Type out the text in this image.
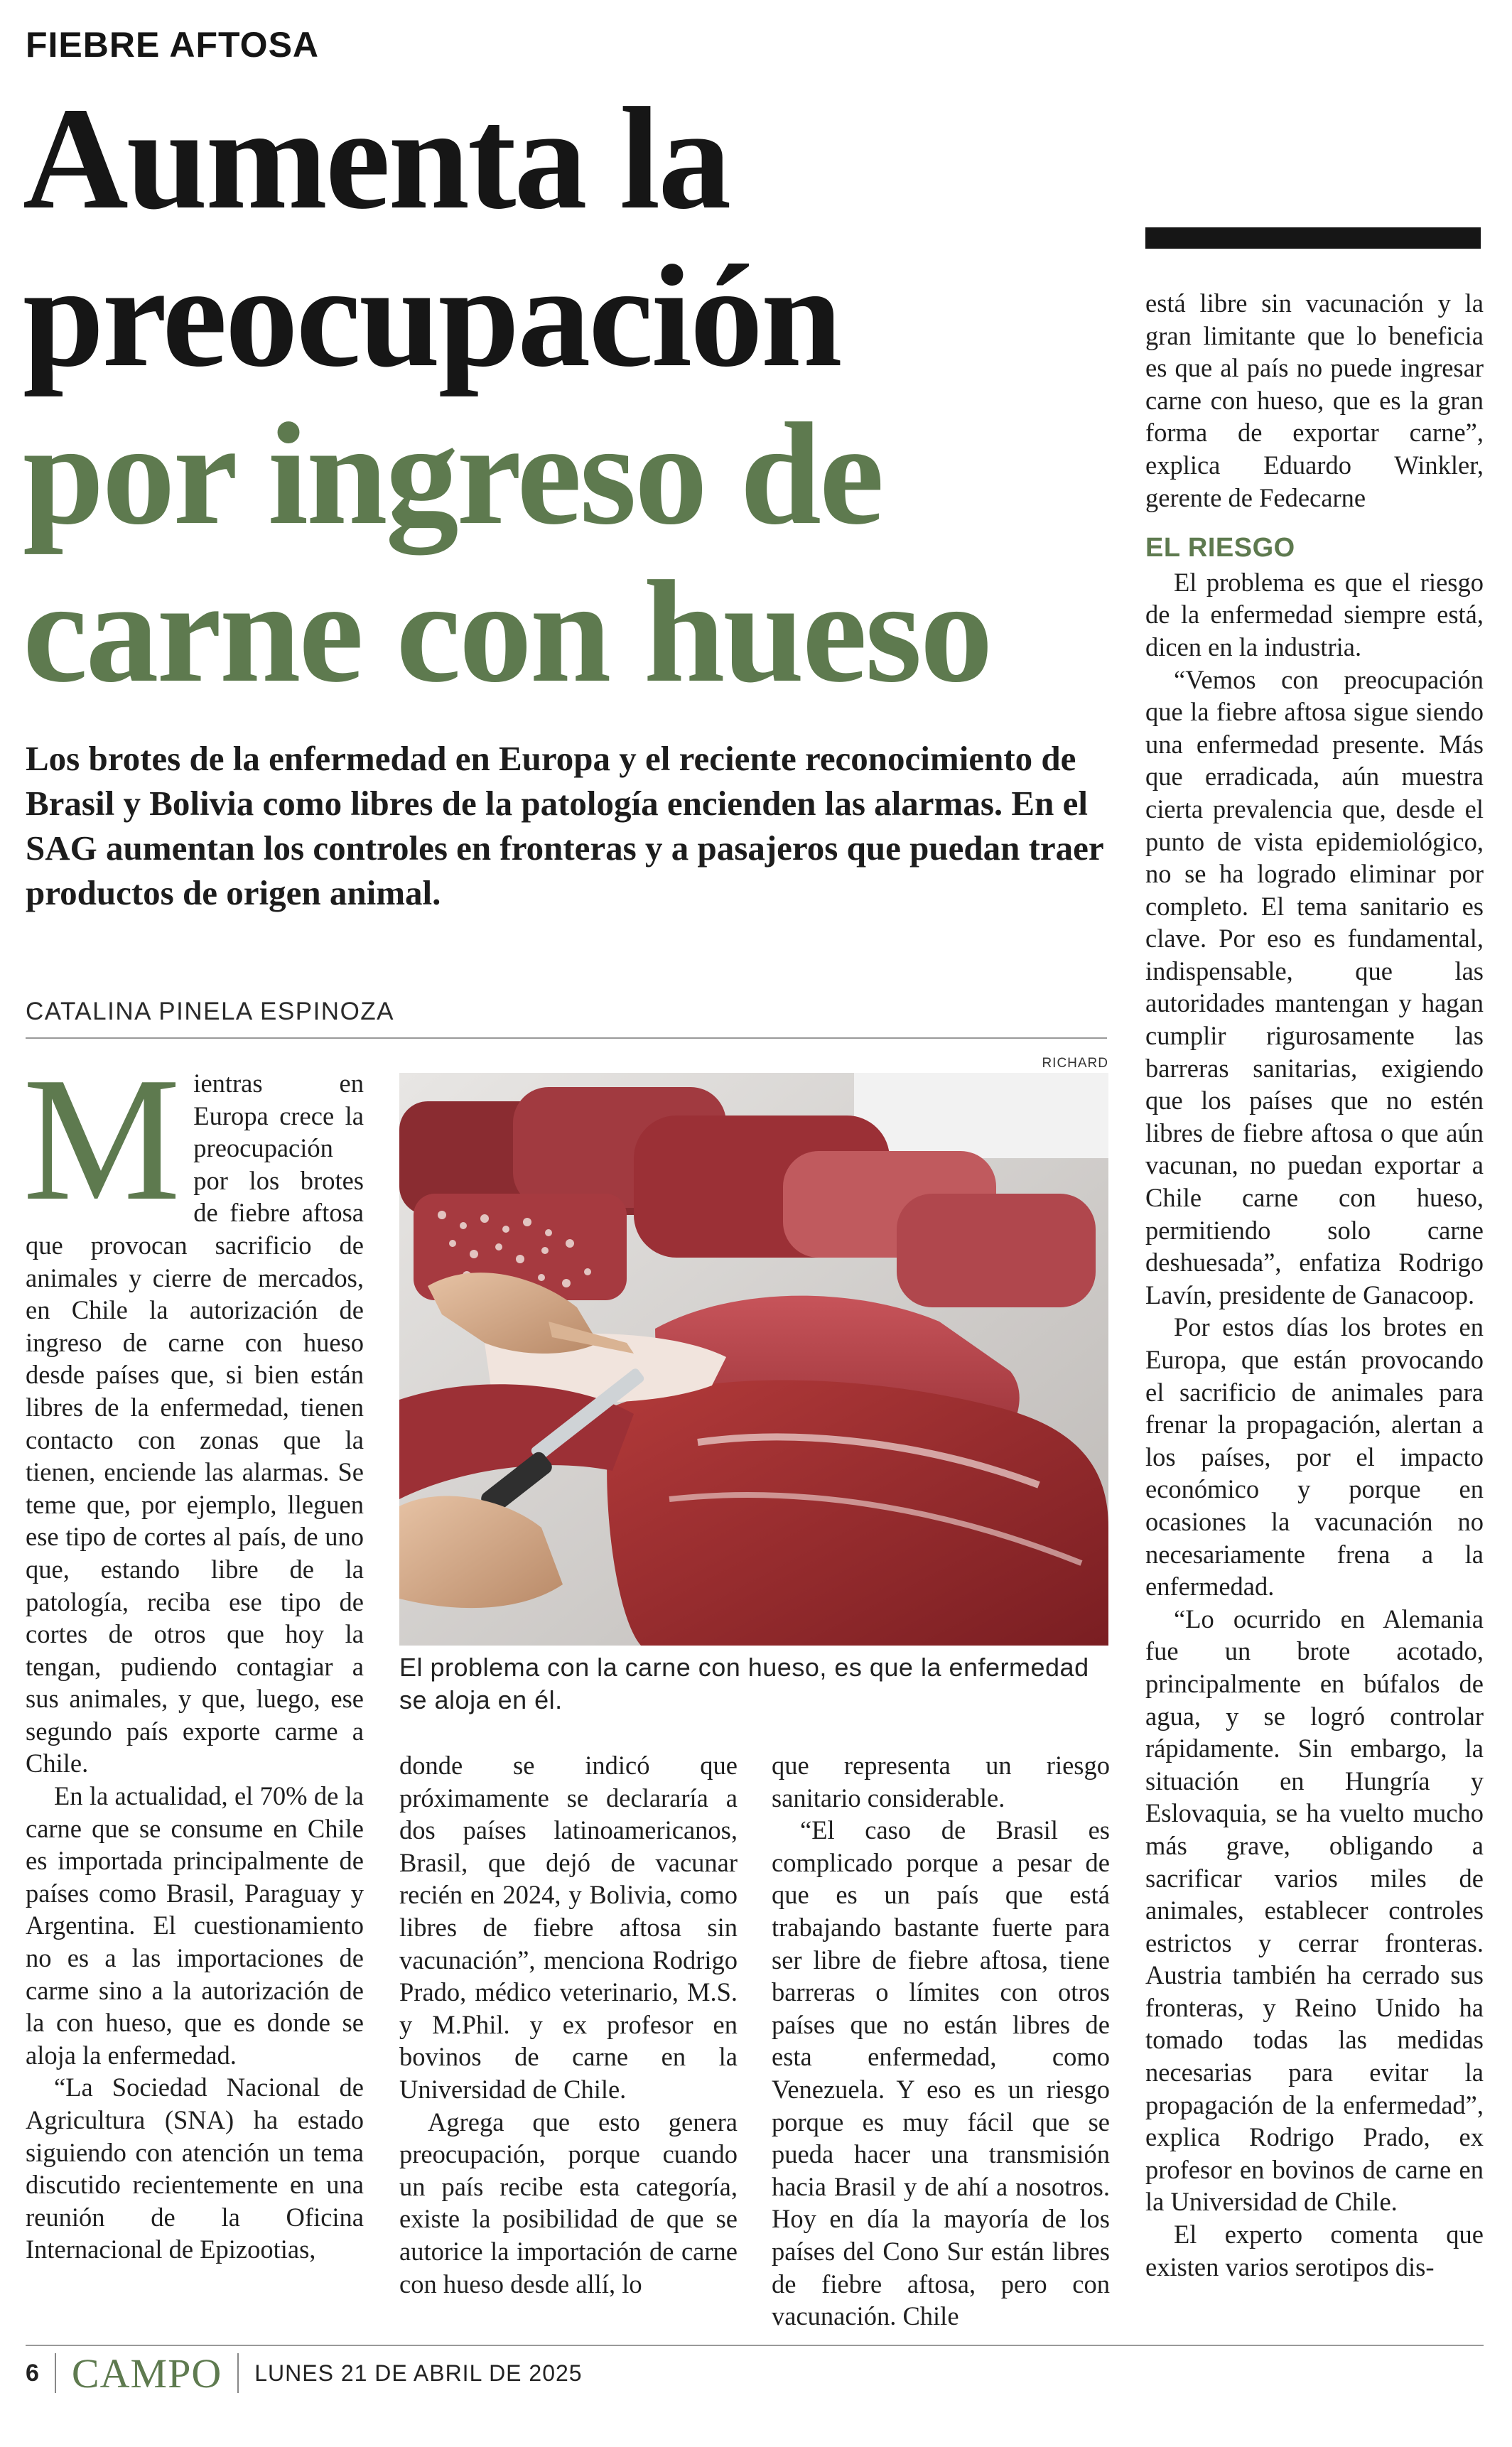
FIEBRE AFTOSA
Aumenta la
preocupación
por ingreso de
carne con hueso

Los brotes de la enfermedad en Europa y el reciente reconocimiento de Brasil y Bolivia como libres de la patología encienden las alarmas. En el SAG aumentan los controles en fronteras y a pasajeros que puedan traer productos de origen animal.

CATALINA PINELA ESPINOZA
RICHARD

El problema con la carne con hueso, es que la enfermedad se aloja en él.

Mientras en Europa crece la preocupación por los brotes de fiebre aftosa que provocan sacrificio de animales y cierre de mercados, en Chile la autorización de ingreso de carne con hueso desde países que, si bien están libres de la enfermedad, tienen contacto con zonas que la tienen, enciende las alarmas. Se teme que, por ejemplo, lleguen ese tipo de cortes al país, de uno que, estando libre de la patología, reciba ese tipo de cortes de otros que hoy la tengan, pudiendo contagiar a sus animales, y que, luego, ese segundo país exporte carme a Chile.

En la actualidad, el 70% de la carne que se consume en Chile es importada principalmente de países como Brasil, Paraguay y Argentina. El cuestionamiento no es a las importaciones de carme sino a la autorización de la con hueso, que es donde se aloja la enfermedad.

“La Sociedad Nacional de Agricultura (SNA) ha estado siguiendo con atención un tema discutido recientemente en una reunión de la Oficina Internacional de Epizootias,

donde se indicó que próximamente se declararía a dos países latinoamericanos, Brasil, que dejó de vacunar recién en 2024, y Bolivia, como libres de fiebre aftosa sin vacunación”, menciona Rodrigo Prado, médico veterinario, M.S. y M.Phil. y ex profesor en bovinos de carne en la Universidad de Chile.

Agrega que esto genera preocupación, porque cuando un país recibe esta categoría, existe la posibilidad de que se autorice la importación de carne con hueso desde allí, lo

que representa un riesgo sanitario considerable.

“El caso de Brasil es complicado porque a pesar de que es un país que está trabajando bastante fuerte para ser libre de fiebre aftosa, tiene barreras o límites con otros países que no están libres de esta enfermedad, como Venezuela. Y eso es un riesgo porque es muy fácil que se pueda hacer una transmisión hacia Brasil y de ahí a nosotros. Hoy en día la mayoría de los países del Cono Sur están libres de fiebre aftosa, pero con vacunación. Chile

está libre sin vacunación y la gran limitante que lo beneficia es que al país no puede ingresar carne con hueso, que es la gran forma de exportar carne”, explica Eduardo Winkler, gerente de Fedecarne

EL RIESGO

El problema es que el riesgo de la enfermedad siempre está, dicen en la industria.

“Vemos con preocupación que la fiebre aftosa sigue siendo una enfermedad presente. Más que erradicada, aún muestra cierta prevalencia que, desde el punto de vista epidemiológico, no se ha logrado eliminar por completo. El tema sanitario es clave. Por eso es fundamental, indispensable, que las autoridades mantengan y hagan cumplir rigurosamente las barreras sanitarias, exigiendo que los países que no estén libres de fiebre aftosa o que aún vacunan, no puedan exportar a Chile carne con hueso, permitiendo solo carne deshuesada”, enfatiza Rodrigo Lavín, presidente de Ganacoop.

Por estos días los brotes en Europa, que están provocando el sacrificio de animales para frenar la propagación, alertan a los países, por el impacto económico y porque en ocasiones la vacunación no necesariamente frena a la enfermedad.

“Lo ocurrido en Alemania fue un brote acotado, principalmente en búfalos de agua, y se logró controlar rápidamente. Sin embargo, la situación en Hungría y Eslovaquia, se ha vuelto mucho más grave, obligando a sacrificar varios miles de animales, establecer controles estrictos y cerrar fronteras. Austria también ha cerrado sus fronteras, y Reino Unido ha tomado todas las medidas necesarias para evitar la propagación de la enfermedad”, explica Rodrigo Prado, ex profesor en bovinos de carne en la Universidad de Chile.

El experto comenta que existen varios serotipos dis-

6 CAMPO LUNES 21 DE ABRIL DE 2025
